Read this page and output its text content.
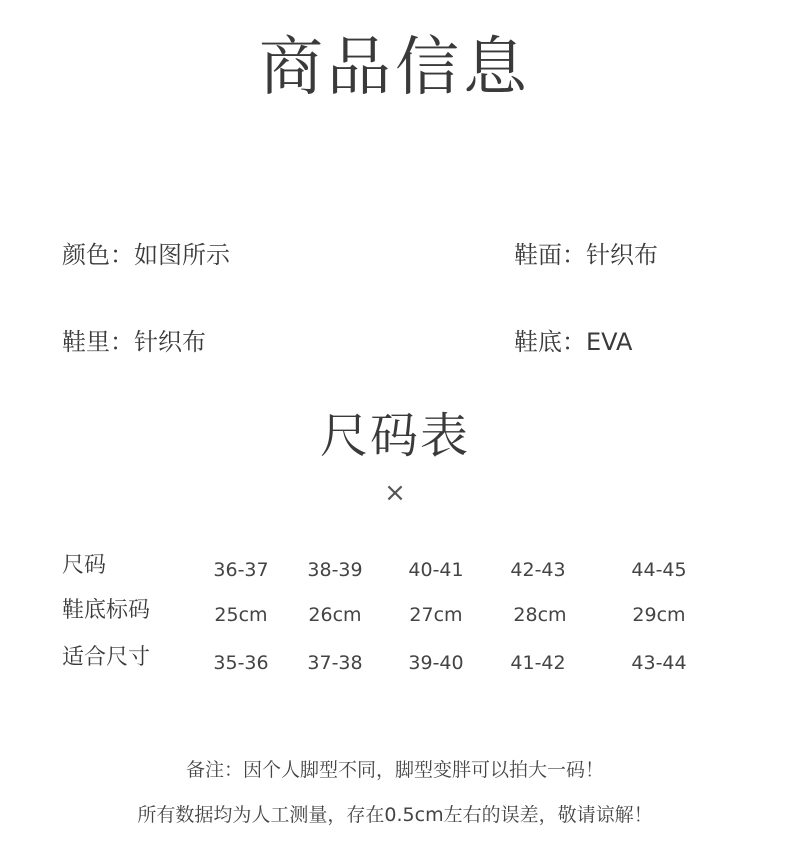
商品信息
颜色：如图所示	鞋面：针织布
鞋里：针织布	鞋底：EVA
尺码表
×
尺码	36-37	38-39	40-41	42-43	44-45
鞋底标码	25cm	26cm	27cm	28cm	29cm
适合尺寸	35-36	37-38	39-40	41-42	43-44
备注：因个人脚型不同，脚型变胖可以拍大一码！
所有数据均为人工测量，存在0.5cm左右的误差，敬请谅解！
